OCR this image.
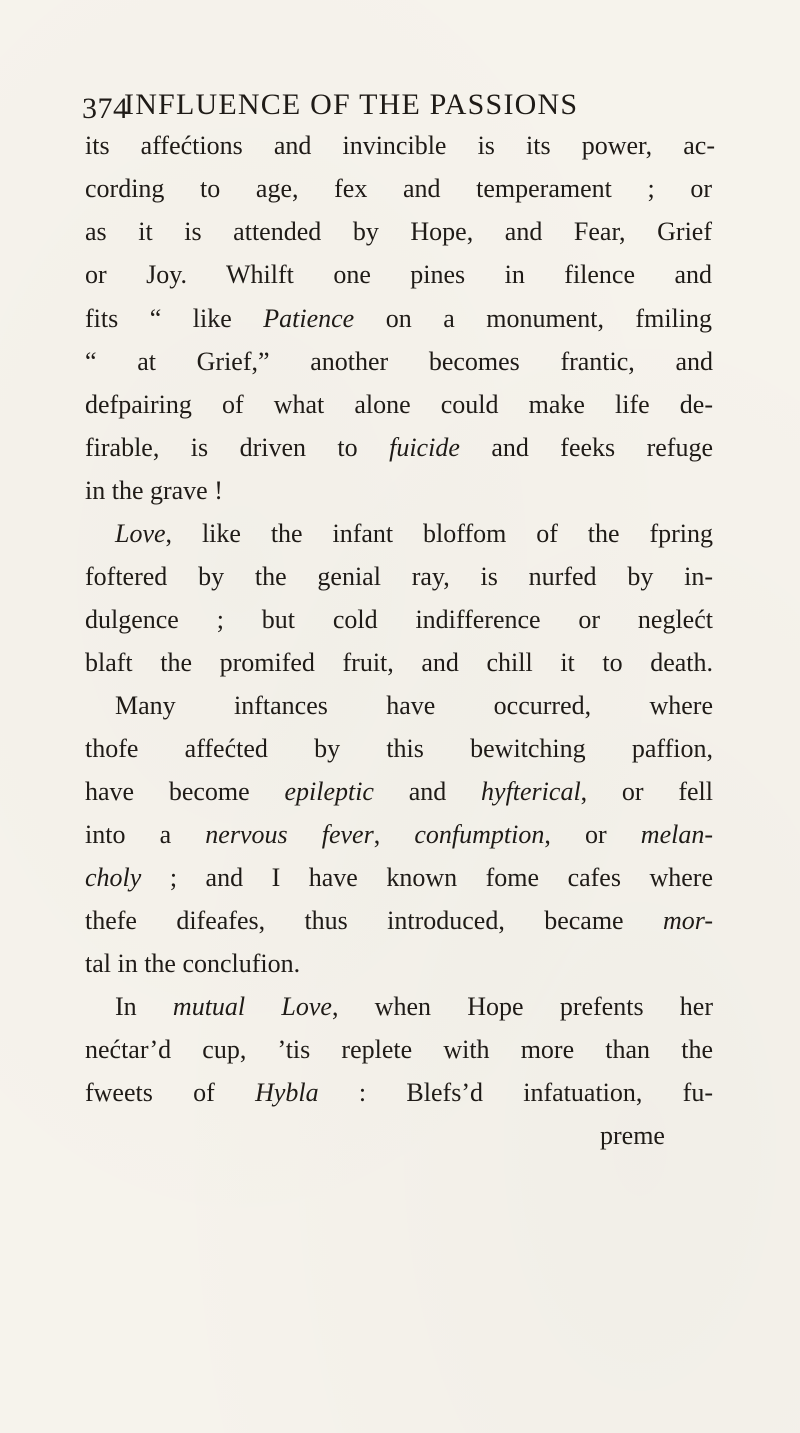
374
INFLUENCE OF THE PASSIONS
its affećtions and invincible is its power, ac-
cording to age, fex and temperament ; or
as it is attended by Hope, and Fear, Grief
or Joy. Whilft one pines in filence and
fits “ like Patience on a monument, fmiling
“ at Grief,” another becomes frantic, and
defpairing of what alone could make life de-
firable, is driven to fuicide and feeks refuge
in the grave !
Love, like the infant bloffom of the fpring
foftered by the genial ray, is nurfed by in-
dulgence ; but cold indifference or neglećt
blaft the promifed fruit, and chill it to death.
Many inftances have occurred, where
thofe affećted by this bewitching paffion,
have become epileptic and hyfterical, or fell
into a nervous fever, confumption, or melan-
choly ; and I have known fome cafes where
thefe difeafes, thus introduced, became mor-
tal in the conclufion.
In mutual Love, when Hope prefents her
nećtar’d cup, ’tis replete with more than the
fweets of Hybla : Blefs’d infatuation, fu-
preme
